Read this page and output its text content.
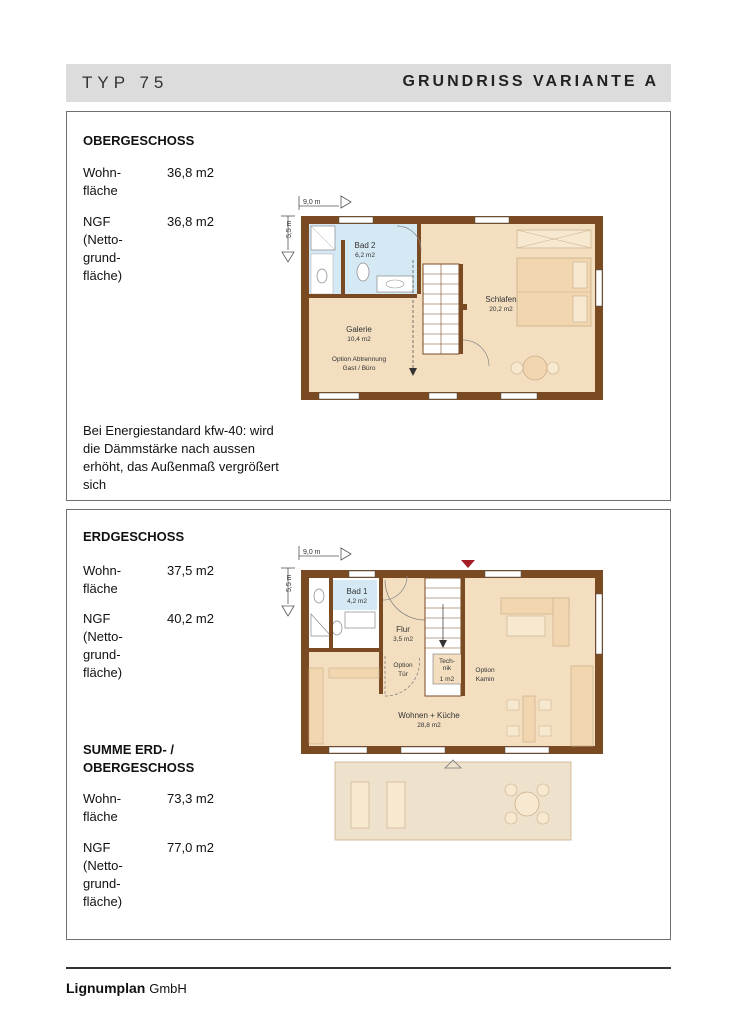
TYP 75	GRUNDRISS VARIANTE A
OBERGESCHOSS
Wohn-
fläche
36,8 m2
NGF
(Netto-
grund-
fläche)
36,8 m2
Bei Energiestandard kfw-40: wird die Dämmstärke nach aussen erhöht, das Außenmaß vergrößert sich
9,0 m
5,5 m
Bad 2
6,2 m2
Galerie
10,4 m2
Option Abtrennung
Gast / Büro
Schlafen
20,2 m2
ERDGESCHOSS
Wohn-
fläche
37,5 m2
NGF
(Netto-
grund-
fläche)
40,2 m2
SUMME ERD- /
OBERGESCHOSS
Wohn-
fläche
73,3 m2
NGF
(Netto-
grund-
fläche)
77,0 m2
9,0 m
5,5 m	Bad 1
4,2 m2
Flur
3,5 m2
Option
Tür
Tech-nik
1 m2
Option
Kamin
Wohnen + Küche
28,8 m2
Lignumplan GmbH
